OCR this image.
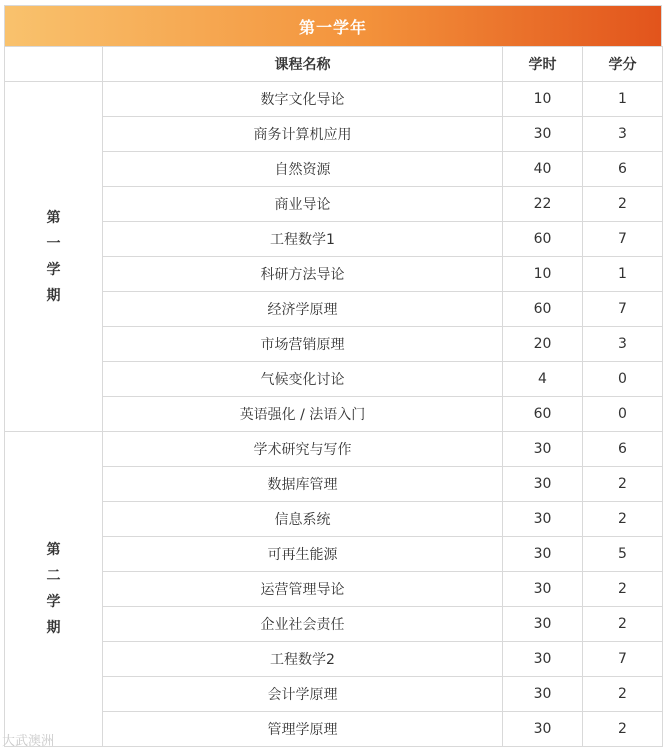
第一学年
	课程名称	学时	学分
第一学期	数字文化导论	10	1
	商务计算机应用	30	3
	自然资源	40	6
	商业导论	22	2
	工程数学1	60	7
	科研方法导论	10	1
	经济学原理	60	7
	市场营销原理	20	3
	气候变化讨论	4	0
	英语强化 / 法语入门	60	0
第二学期	学术研究与写作	30	6
	数据库管理	30	2
	信息系统	30	2
	可再生能源	30	5
	运营管理导论	30	2
	企业社会责任	30	2
	工程数学2	30	7
	会计学原理	30	2
	管理学原理	30	2
大武澳洲
